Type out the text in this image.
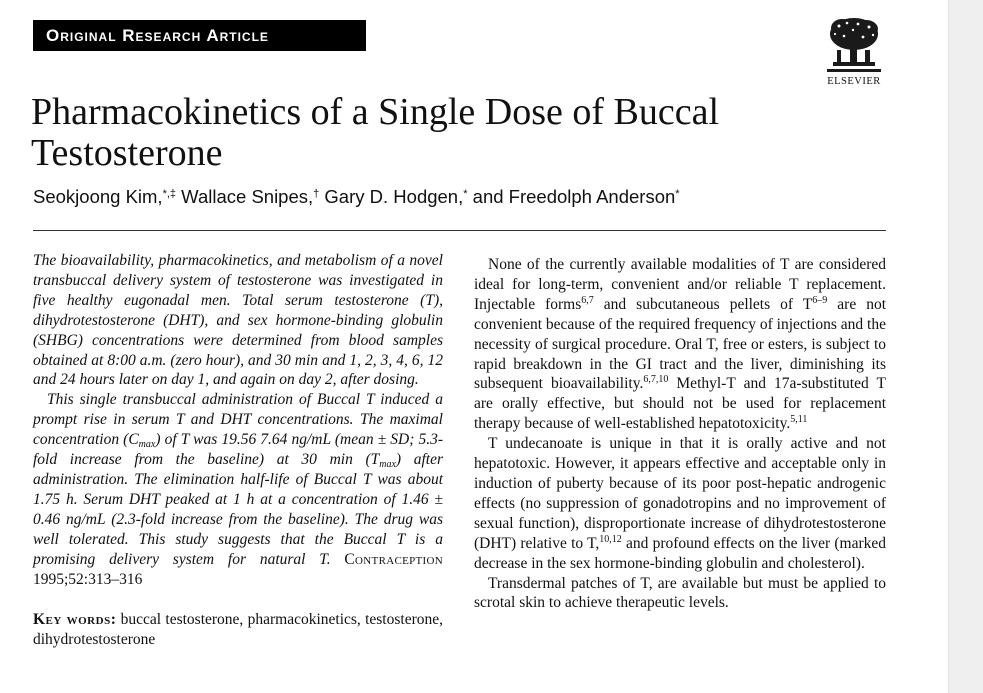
Original Research Article
ELSEVIER
Pharmacokinetics of a Single Dose of Buccal Testosterone
Seokjoong Kim,*,‡ Wallace Snipes,† Gary D. Hodgen,* and Freedolph Anderson*

The bioavailability, pharmacokinetics, and metabolism of a novel transbuccal delivery system of testosterone was investigated in five healthy eugonadal men. Total serum testosterone (T), dihydrotestosterone (DHT), and sex hormone-binding globulin (SHBG) concentrations were determined from blood samples obtained at 8:00 a.m. (zero hour), and 30 min and 1, 2, 3, 4, 6, 12 and 24 hours later on day 1, and again on day 2, after dosing.

This single transbuccal administration of Buccal T induced a prompt rise in serum T and DHT concentrations. The maximal concentration $(C_{max})$ of T was 19.56 7.64 ng/mL (mean ± SD; 5.3-fold increase from the baseline) at 30 $\min (T_{max})$ after administration. The elimination half-life of Buccal T was about 1.75 h. Serum DHT peaked at 1 h at a concentration of 1.46 ± 0.46 ng/mL (2.3-fold increase from the baseline). The drug was well tolerated. This study suggests that the Buccal T is a promising delivery system for natural T. Contraception 1995;52:313–316

Key words: buccal testosterone, pharmacokinetics, testosterone, dihydrotestosterone

None of the currently available modalities of T are considered ideal for long-term, convenient and/or reliable T replacement. Injectable forms$^{6,7}$ and subcutaneous pellets of $T^{6-9}$ are not convenient because of the required frequency of injections and the necessity of surgical procedure. Oral T, free or esters, is subject to rapid breakdown in the GI tract and the liver, diminishing its subsequent bioavailability.$^{6,7,10}$ Methyl-T and 17a-substituted T are orally effective, but should not be used for replacement therapy because of well-established hepatotoxicity.$^{5,11}$

T undecanoate is unique in that it is orally active and not hepatotoxic. However, it appears effective and acceptable only in induction of puberty because of its poor post-hepatic androgenic effects (no suppression of gonadotropins and no improvement of sexual function), disproportionate increase of dihydrotestosterone (DHT) relative to T,$^{10,12}$ and profound effects on the liver (marked decrease in the sex hormone-binding globulin and cholesterol).

Transdermal patches of T, are available but must be applied to scrotal skin to achieve therapeutic levels.
